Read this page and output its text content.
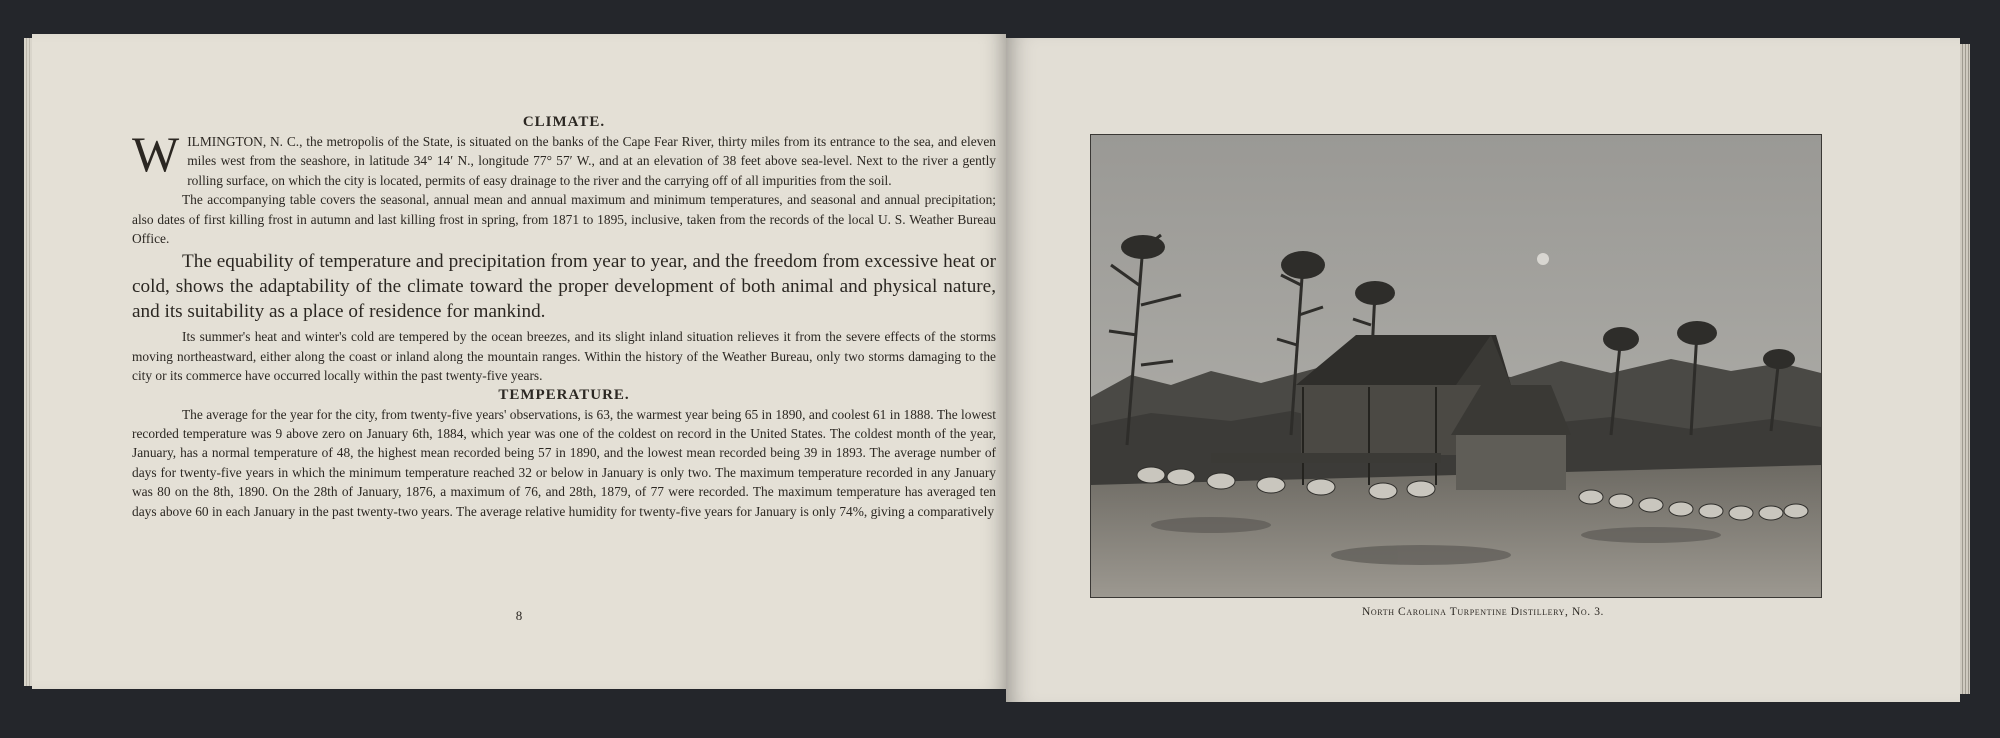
CLIMATE.

WILMINGTON, N. C., the metropolis of the State, is situated on the banks of the Cape Fear River, thirty miles from its entrance to the sea, and eleven miles west from the seashore, in latitude 34° 14′ N., longitude 77° 57′ W., and at an elevation of 38 feet above sea-level. Next to the river a gently rolling surface, on which the city is located, permits of easy drainage to the river and the carrying off of all impurities from the soil.

The accompanying table covers the seasonal, annual mean and annual maximum and minimum temperatures, and seasonal and annual precipitation; also dates of first killing frost in autumn and last killing frost in spring, from 1871 to 1895, inclusive, taken from the records of the local U. S. Weather Bureau Office.

The equability of temperature and precipitation from year to year, and the freedom from excessive heat or cold, shows the adaptability of the climate toward the proper development of both animal and physical nature, and its suitability as a place of residence for mankind.

Its summer's heat and winter's cold are tempered by the ocean breezes, and its slight inland situation relieves it from the severe effects of the storms moving northeastward, either along the coast or inland along the mountain ranges. Within the history of the Weather Bureau, only two storms damaging to the city or its commerce have occurred locally within the past twenty-five years.

TEMPERATURE.

The average for the year for the city, from twenty-five years' observations, is 63, the warmest year being 65 in 1890, and coolest 61 in 1888. The lowest recorded temperature was 9 above zero on January 6th, 1884, which year was one of the coldest on record in the United States. The coldest month of the year, January, has a normal temperature of 48, the highest mean recorded being 57 in 1890, and the lowest mean recorded being 39 in 1893. The average number of days for twenty-five years in which the minimum temperature reached 32 or below in January is only two. The maximum temperature recorded in any January was 80 on the 8th, 1890. On the 28th of January, 1876, a maximum of 76, and 28th, 1879, of 77 were recorded. The maximum temperature has averaged ten days above 60 in each January in the past twenty-two years. The average relative humidity for twenty-five years for January is only 74%, giving a comparatively

8	North Carolina Turpentine Distillery, No. 3.
